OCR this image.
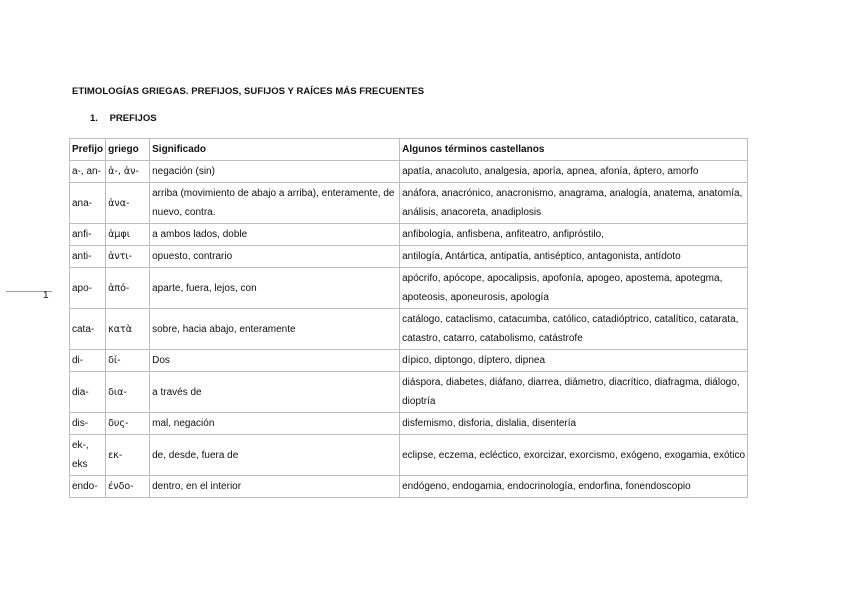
ETIMOLOGÍAS GRIEGAS. PREFIJOS, SUFIJOS Y RAÍCES MÁS FRECUENTES
1. PREFIJOS
1
Prefijo	griego	Significado	Algunos términos castellanos
a-, an-	ἀ-, ἀν-	negación (sin)	apatía, anacoluto, analgesia, aporía, apnea, afonía, áptero, amorfo
ana-	ἀνα-	arriba (movimiento de abajo a arriba), enteramente, de nuevo, contra.	anáfora, anacrónico, anacronismo, anagrama, analogía, anatema, anatomía, análisis, anacoreta, anadiplosis
anfi-	ἀμφι	a ambos lados, doble	anfibología, anfisbena, anfiteatro, anfipróstilo,
anti-	ἀντι-	opuesto, contrario	antilogía, Antártica, antipatía, antiséptico, antagonista, antídoto
apo-	ἀπό-	aparte, fuera, lejos, con	apócrifo, apócope, apocalipsis, apofonía, apogeo, apostema, apotegma, apoteosis, aponeurosis, apología
cata-	κατὰ	sobre, hacia abajo, enteramente	catálogo, cataclismo, catacumba, católico, catadióptrico, catalítico, catarata, catastro, catarro, catabolismo, catástrofe
di-	δί-	Dos	dípico, diptongo, díptero, dipnea
dia-	δια-	a través de	diáspora, diabetes, diáfano, diarrea, diámetro, diacrítico, diafragma, diálogo, dioptría
dis-	δυς-	mal, negación	disfemismo, disforia, dislalia, disentería
ek-, eks	εκ-	de, desde, fuera de	eclipse, eczema, ecléctico, exorcizar, exorcismo, exógeno, exogamia, exótico
endo-	ένδο-	dentro, en el interior	endógeno, endogamia, endocrinología, endorfina, fonendoscopio
